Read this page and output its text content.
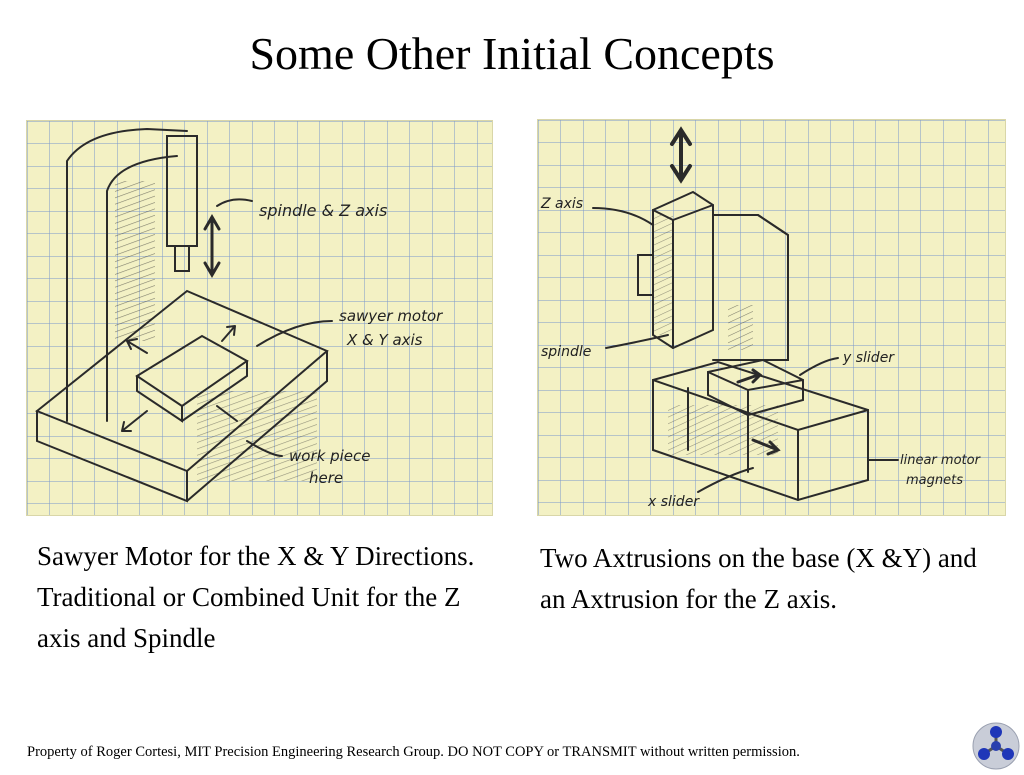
Some Other Initial Concepts
spindle & Z axis
sawyer motor
X & Y axis
work piece
here
Z axis
spindle	y slider
linear motor
magnets
x slider
Sawyer Motor for the X & Y Directions. Traditional or Combined Unit for the Z axis and Spindle
Two Axtrusions on the base (X &Y) and an Axtrusion for the Z axis.
Property of Roger Cortesi, MIT Precision Engineering Research Group. DO NOT COPY or TRANSMIT without written permission.
